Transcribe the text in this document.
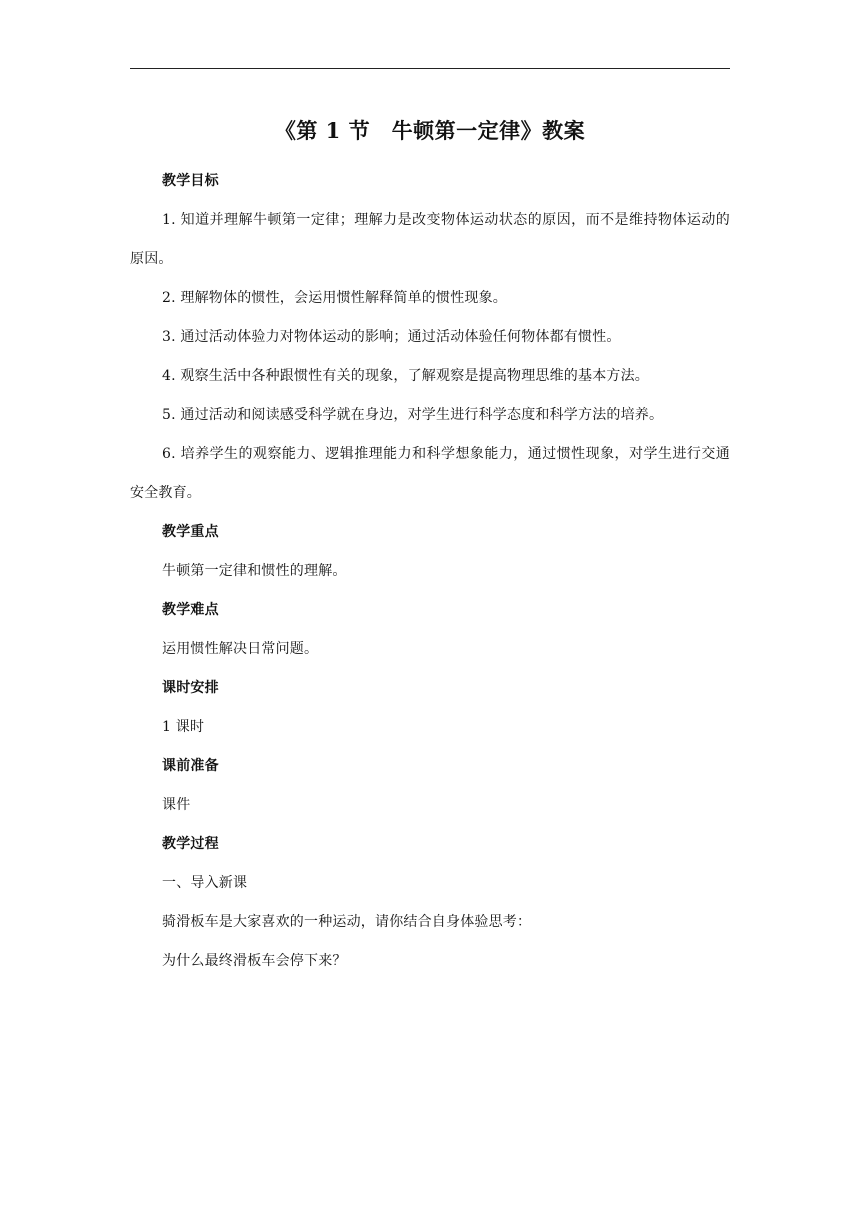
《第 1 节　牛顿第一定律》教案

教学目标

1. 知道并理解牛顿第一定律；理解力是改变物体运动状态的原因，而不是维持物体运动的原因。

2. 理解物体的惯性，会运用惯性解释简单的惯性现象。

3. 通过活动体验力对物体运动的影响；通过活动体验任何物体都有惯性。

4. 观察生活中各种跟惯性有关的现象，了解观察是提高物理思维的基本方法。

5. 通过活动和阅读感受科学就在身边，对学生进行科学态度和科学方法的培养。

6. 培养学生的观察能力、逻辑推理能力和科学想象能力，通过惯性现象，对学生进行交通安全教育。

教学重点

牛顿第一定律和惯性的理解。

教学难点

运用惯性解决日常问题。

课时安排

1 课时

课前准备

课件

教学过程

一、导入新课

骑滑板车是大家喜欢的一种运动，请你结合自身体验思考：

为什么最终滑板车会停下来？
